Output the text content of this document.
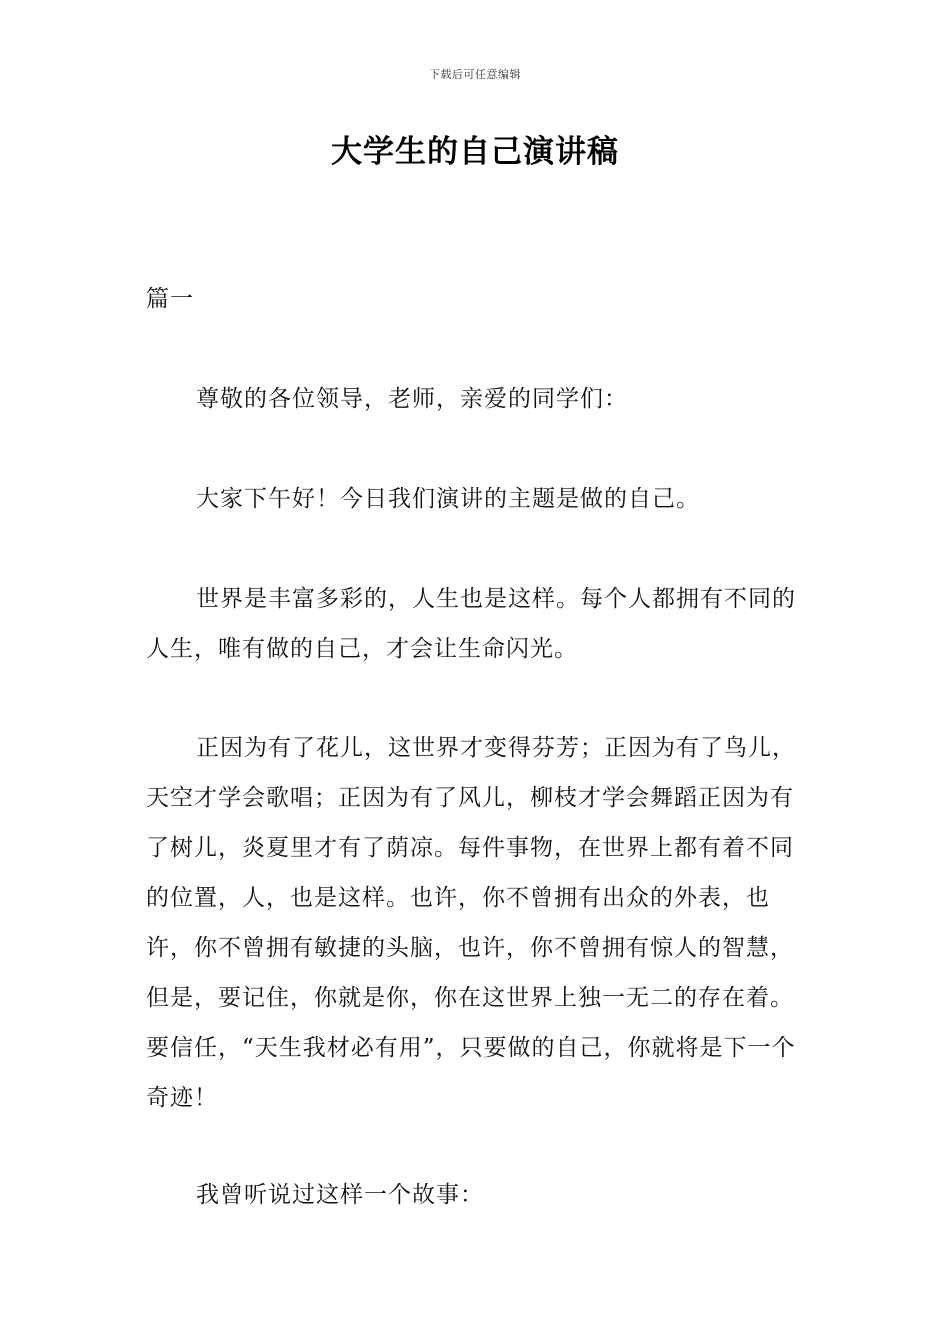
下载后可任意编辑
大学生的自己演讲稿

篇一

尊敬的各位领导，老师，亲爱的同学们：

大家下午好！今日我们演讲的主题是做的自己。

世界是丰富多彩的，人生也是这样。每个人都拥有不同的人生，唯有做的自己，才会让生命闪光。

正因为有了花儿，这世界才变得芬芳；正因为有了鸟儿，天空才学会歌唱；正因为有了风儿，柳枝才学会舞蹈正因为有了树儿，炎夏里才有了荫凉。每件事物，在世界上都有着不同的位置，人，也是这样。也许，你不曾拥有出众的外表，也许，你不曾拥有敏捷的头脑，也许，你不曾拥有惊人的智慧，但是，要记住，你就是你，你在这世界上独一无二的存在着。要信任，“天生我材必有用”，只要做的自己，你就将是下一个奇迹！

我曾听说过这样一个故事：
